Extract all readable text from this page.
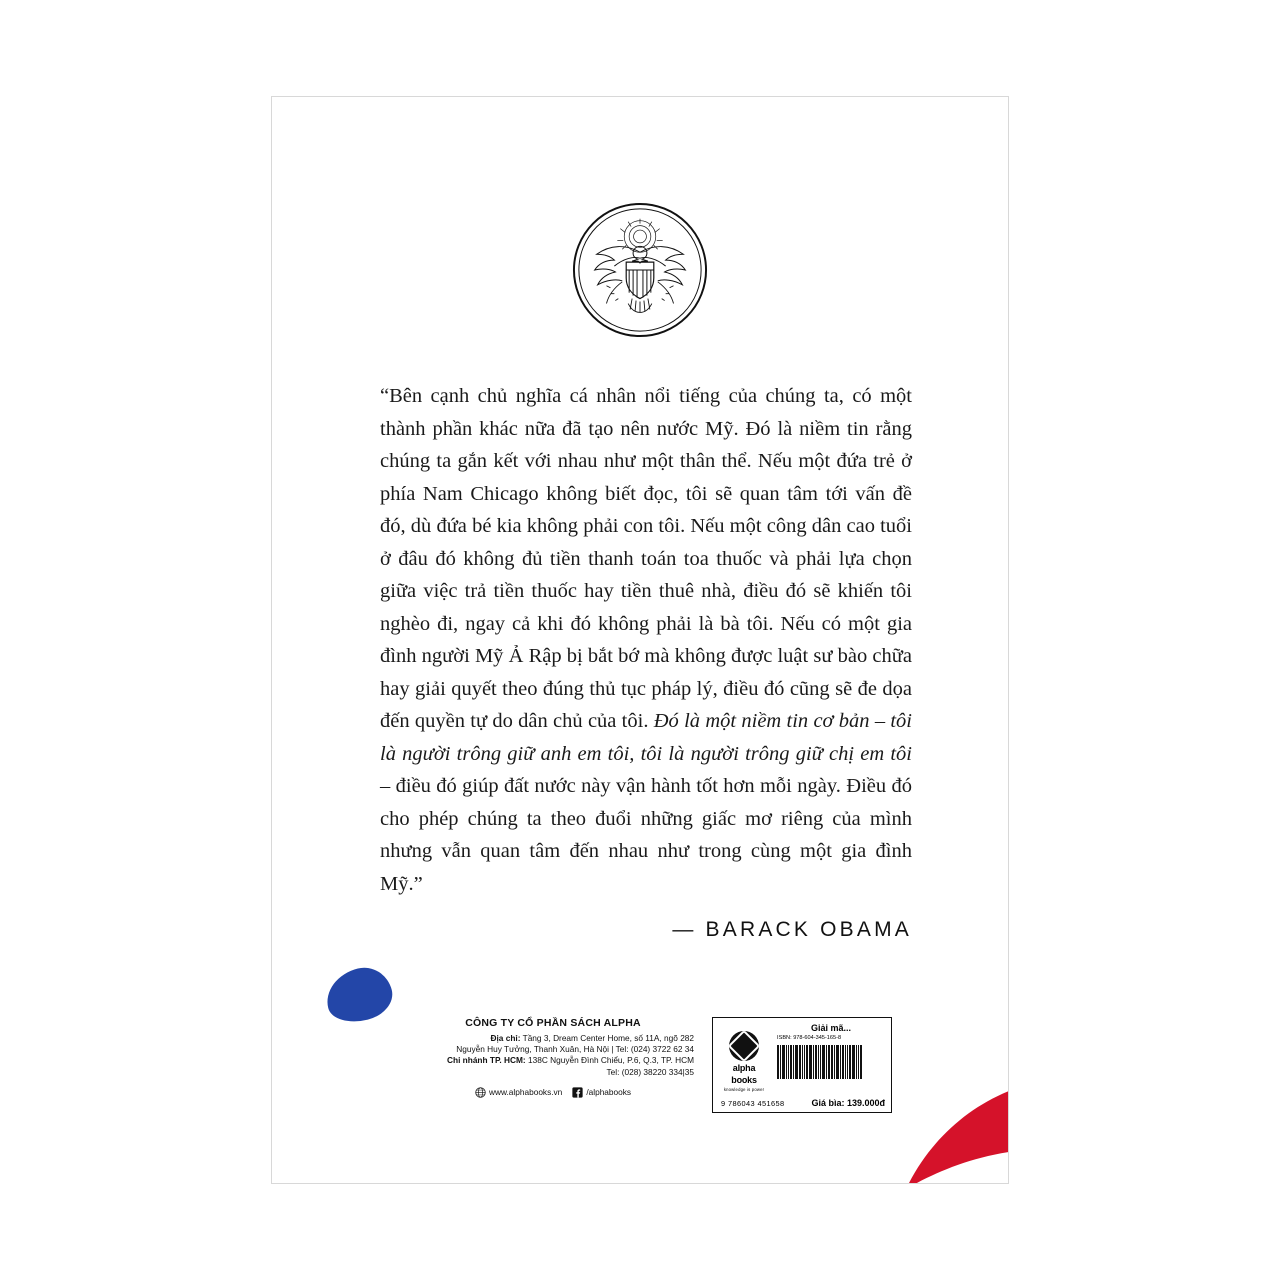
“Bên cạnh chủ nghĩa cá nhân nổi tiếng của chúng ta, có một thành phần khác nữa đã tạo nên nước Mỹ. Đó là niềm tin rằng chúng ta gắn kết với nhau như một thân thể. Nếu một đứa trẻ ở phía Nam Chicago không biết đọc, tôi sẽ quan tâm tới vấn đề đó, dù đứa bé kia không phải con tôi. Nếu một công dân cao tuổi ở đâu đó không đủ tiền thanh toán toa thuốc và phải lựa chọn giữa việc trả tiền thuốc hay tiền thuê nhà, điều đó sẽ khiến tôi nghèo đi, ngay cả khi đó không phải là bà tôi. Nếu có một gia đình người Mỹ Ả Rập bị bắt bớ mà không được luật sư bào chữa hay giải quyết theo đúng thủ tục pháp lý, điều đó cũng sẽ đe dọa đến quyền tự do dân chủ của tôi. Đó là một niềm tin cơ bản – tôi là người trông giữ anh em tôi, tôi là người trông giữ chị em tôi – điều đó giúp đất nước này vận hành tốt hơn mỗi ngày. Điều đó cho phép chúng ta theo đuổi những giấc mơ riêng của mình nhưng vẫn quan tâm đến nhau như trong cùng một gia đình Mỹ.”

— BARACK OBAMA
CÔNG TY CỔ PHẦN SÁCH ALPHA
Địa chỉ: Tầng 3, Dream Center Home, số 11A, ngõ 282
Nguyễn Huy Tưởng, Thanh Xuân, Hà Nội | Tel: (024) 3722 62 34
Chi nhánh TP. HCM: 138C Nguyễn Đình Chiểu, P.6, Q.3, TP. HCM
Tel: (028) 38220 334|35
www.alphabooks.vn	/alphabooks
alpha
books
knowledge is power
Giải mã...
ISBN: 978-604-345-165-8
9 786043 451658	Giá bìa: 139.000đ
